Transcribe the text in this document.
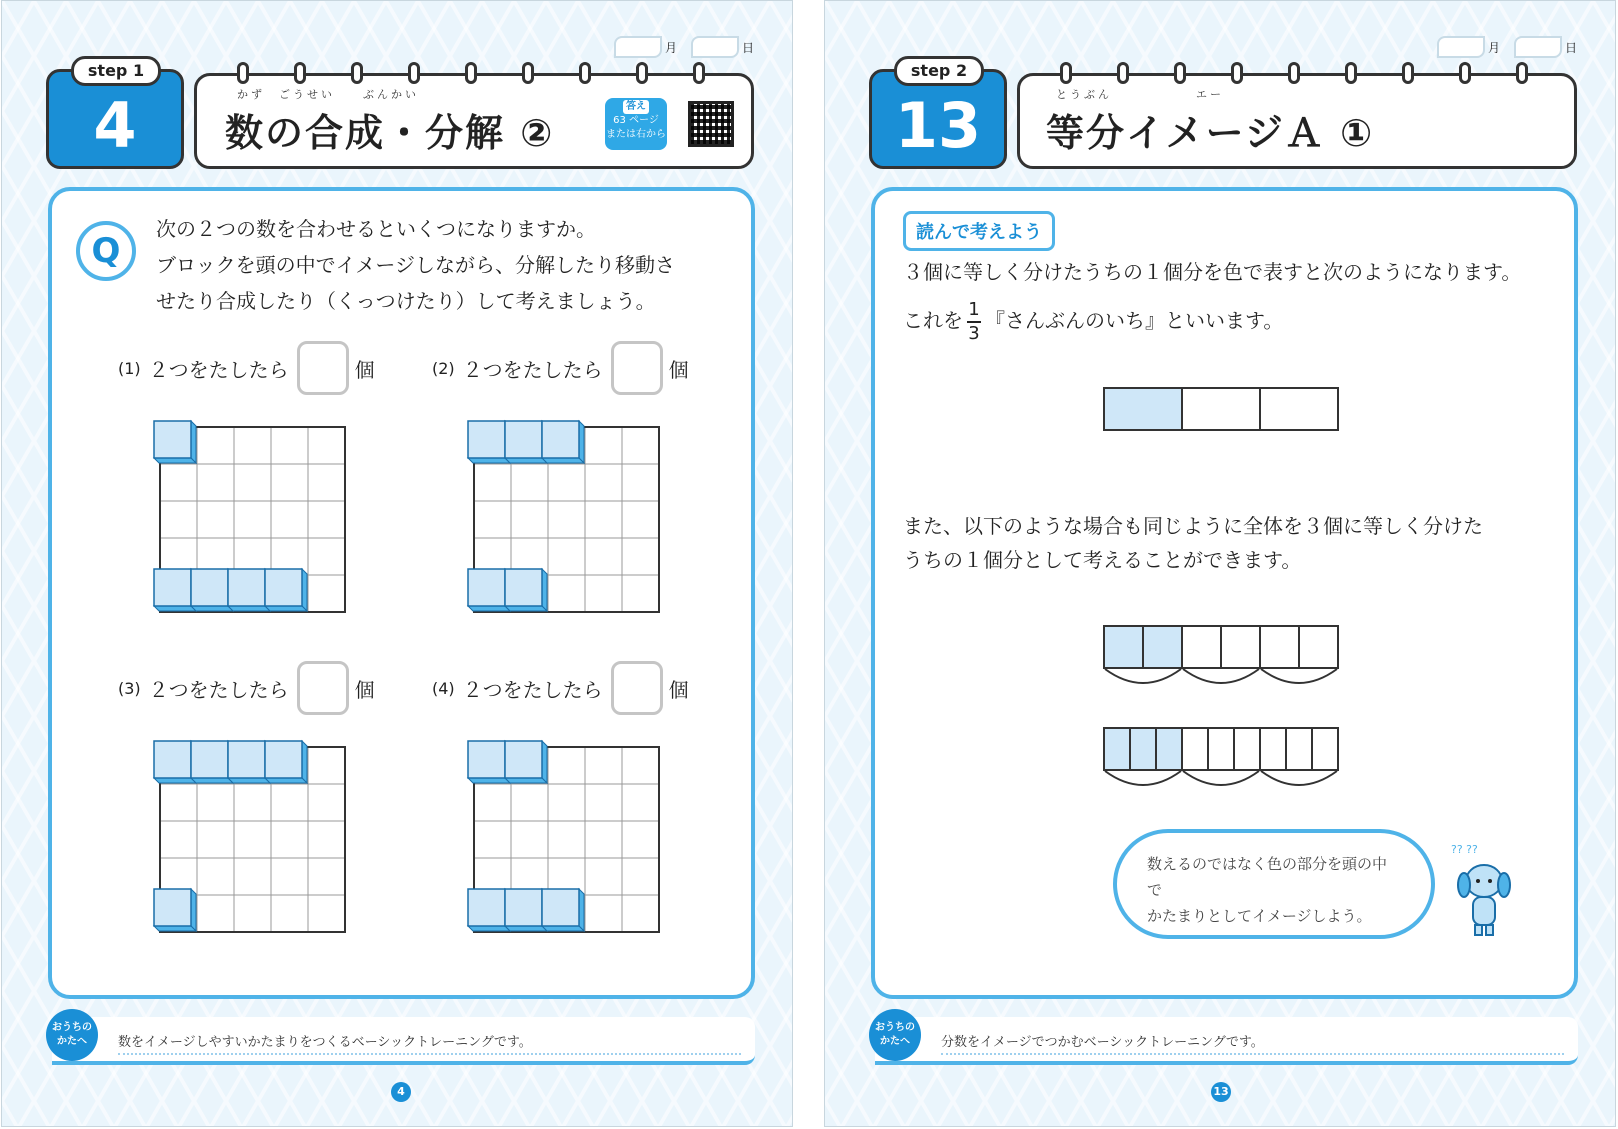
月	日
step 1
4	かず　ごうせい　　ぶんかい
数の合成・分解 ②
答え
63 ページ
または右から
Q
次の２つの数を合わせるといくつになりますか。
ブロックを頭の中でイメージしながら、分解したり移動さ
せたり合成したり（くっつけたり）して考えましょう。
(1) ２つをたしたら	個	(2) ２つをたしたら	個
(3) ２つをたしたら	個	(4) ２つをたしたら	個
おうちの
かたへ	数をイメージしやすいかたまりをつくるベーシックトレーニングです。
4
月	日
step 2
13	とうぶん　　　　　　エー
等分イメージＡ ①
読んで考えよう
３個に等しく分けたうちの１個分を色で表すと次のようになります。
これを $\frac{1}{3}$ 『さんぶんのいち』といいます。
また、以下のような場合も同じように全体を３個に等しく分けた
うちの１個分として考えることができます。
数えるのではなく色の部分を頭の中で
かたまりとしてイメージしよう。
?? ??
おうちの
かたへ	分数をイメージでつかむベーシックトレーニングです。
13
